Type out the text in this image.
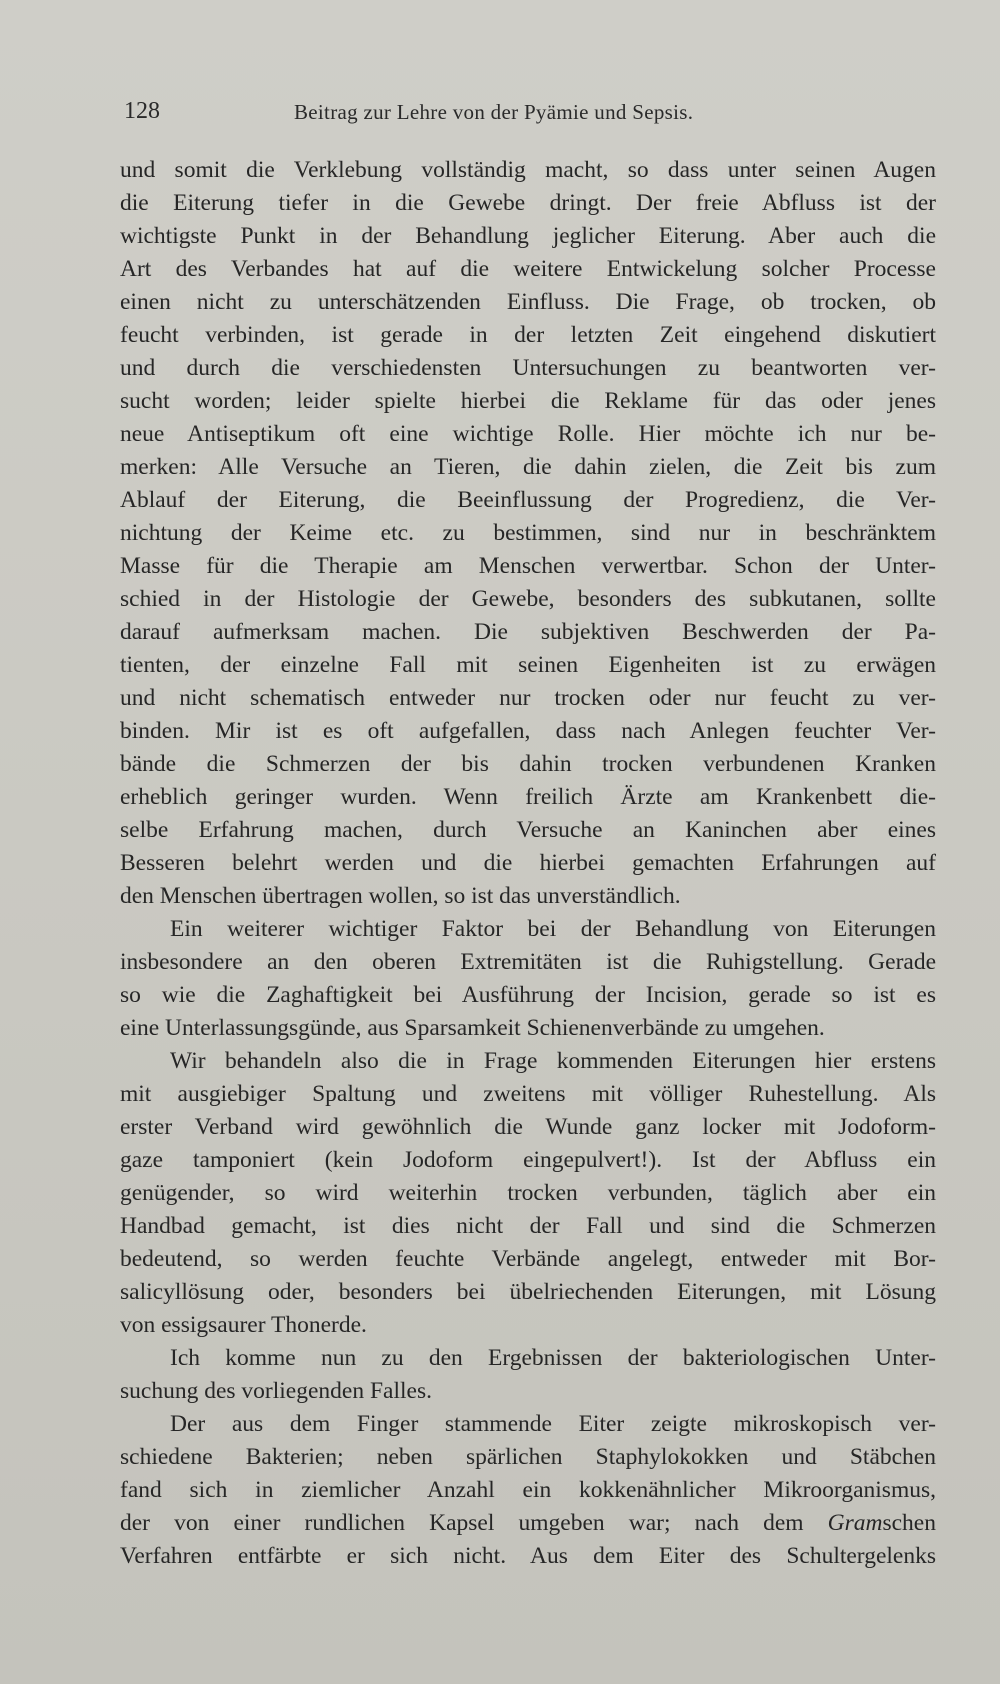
128	Beitrag zur Lehre von der Pyämie und Sepsis.
und somit die Verklebung vollständig macht, so dass unter seinen Augen
die Eiterung tiefer in die Gewebe dringt. Der freie Abfluss ist der
wichtigste Punkt in der Behandlung jeglicher Eiterung. Aber auch die
Art des Verbandes hat auf die weitere Entwickelung solcher Processe
einen nicht zu unterschätzenden Einfluss. Die Frage, ob trocken, ob
feucht verbinden, ist gerade in der letzten Zeit eingehend diskutiert
und durch die verschiedensten Untersuchungen zu beantworten ver-
sucht worden; leider spielte hierbei die Reklame für das oder jenes
neue Antiseptikum oft eine wichtige Rolle. Hier möchte ich nur be-
merken: Alle Versuche an Tieren, die dahin zielen, die Zeit bis zum
Ablauf der Eiterung, die Beeinflussung der Progredienz, die Ver-
nichtung der Keime etc. zu bestimmen, sind nur in beschränktem
Masse für die Therapie am Menschen verwertbar. Schon der Unter-
schied in der Histologie der Gewebe, besonders des subkutanen, sollte
darauf aufmerksam machen. Die subjektiven Beschwerden der Pa-
tienten, der einzelne Fall mit seinen Eigenheiten ist zu erwägen
und nicht schematisch entweder nur trocken oder nur feucht zu ver-
binden. Mir ist es oft aufgefallen, dass nach Anlegen feuchter Ver-
bände die Schmerzen der bis dahin trocken verbundenen Kranken
erheblich geringer wurden. Wenn freilich Ärzte am Krankenbett die-
selbe Erfahrung machen, durch Versuche an Kaninchen aber eines
Besseren belehrt werden und die hierbei gemachten Erfahrungen auf
den Menschen übertragen wollen, so ist das unverständlich.
Ein weiterer wichtiger Faktor bei der Behandlung von Eiterungen
insbesondere an den oberen Extremitäten ist die Ruhigstellung. Gerade
so wie die Zaghaftigkeit bei Ausführung der Incision, gerade so ist es
eine Unterlassungsgünde, aus Sparsamkeit Schienenverbände zu umgehen.
Wir behandeln also die in Frage kommenden Eiterungen hier erstens
mit ausgiebiger Spaltung und zweitens mit völliger Ruhestellung. Als
erster Verband wird gewöhnlich die Wunde ganz locker mit Jodoform-
gaze tamponiert (kein Jodoform eingepulvert!). Ist der Abfluss ein
genügender, so wird weiterhin trocken verbunden, täglich aber ein
Handbad gemacht, ist dies nicht der Fall und sind die Schmerzen
bedeutend, so werden feuchte Verbände angelegt, entweder mit Bor-
salicyllösung oder, besonders bei übelriechenden Eiterungen, mit Lösung
von essigsaurer Thonerde.
Ich komme nun zu den Ergebnissen der bakteriologischen Unter-
suchung des vorliegenden Falles.
Der aus dem Finger stammende Eiter zeigte mikroskopisch ver-
schiedene Bakterien; neben spärlichen Staphylokokken und Stäbchen
fand sich in ziemlicher Anzahl ein kokkenähnlicher Mikroorganismus,
der von einer rundlichen Kapsel umgeben war; nach dem Gramschen
Verfahren entfärbte er sich nicht. Aus dem Eiter des Schultergelenks
